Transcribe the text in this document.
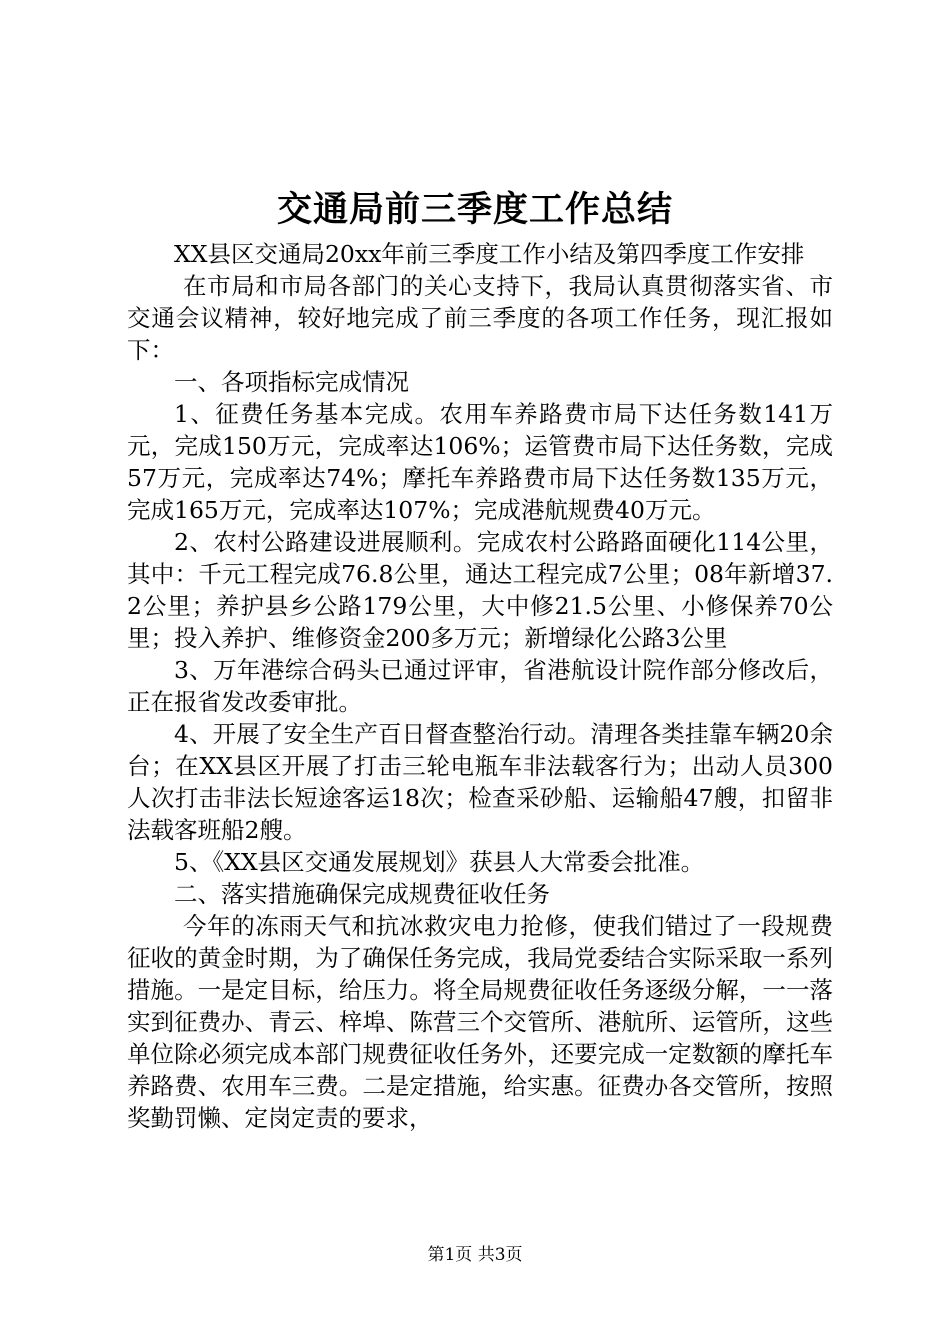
交通局前三季度工作总结

XX县区交通局20xx年前三季度工作小结及第四季度工作安排

在市局和市局各部门的关心支持下，我局认真贯彻落实省、市交通会议精神，较好地完成了前三季度的各项工作任务，现汇报如下：

一、各项指标完成情况

1、征费任务基本完成。农用车养路费市局下达任务数141万元，完成150万元，完成率达106%；运管费市局下达任务数，完成57万元，完成率达74%；摩托车养路费市局下达任务数135万元，完成165万元，完成率达107%；完成港航规费40万元。

2、农村公路建设进展顺利。完成农村公路路面硬化114公里，其中：千元工程完成76.8公里，通达工程完成7公里；08年新增37.2公里；养护县乡公路179公里，大中修21.5公里、小修保养70公里；投入养护、维修资金200多万元；新增绿化公路3公里

3、万年港综合码头已通过评审，省港航设计院作部分修改后，正在报省发改委审批。

4、开展了安全生产百日督查整治行动。清理各类挂靠车辆20余台；在XX县区开展了打击三轮电瓶车非法载客行为；出动人员300人次打击非法长短途客运18次；检查采砂船、运输船47艘，扣留非法载客班船2艘。

5、《XX县区交通发展规划》获县人大常委会批准。

二、落实措施确保完成规费征收任务

今年的冻雨天气和抗冰救灾电力抢修，使我们错过了一段规费征收的黄金时期，为了确保任务完成，我局党委结合实际采取一系列措施。一是定目标，给压力。将全局规费征收任务逐级分解，一一落实到征费办、青云、梓埠、陈营三个交管所、港航所、运管所，这些单位除必须完成本部门规费征收任务外，还要完成一定数额的摩托车养路费、农用车三费。二是定措施，给实惠。征费办各交管所，按照奖勤罚懒、定岗定责的要求，

第1页 共3页
